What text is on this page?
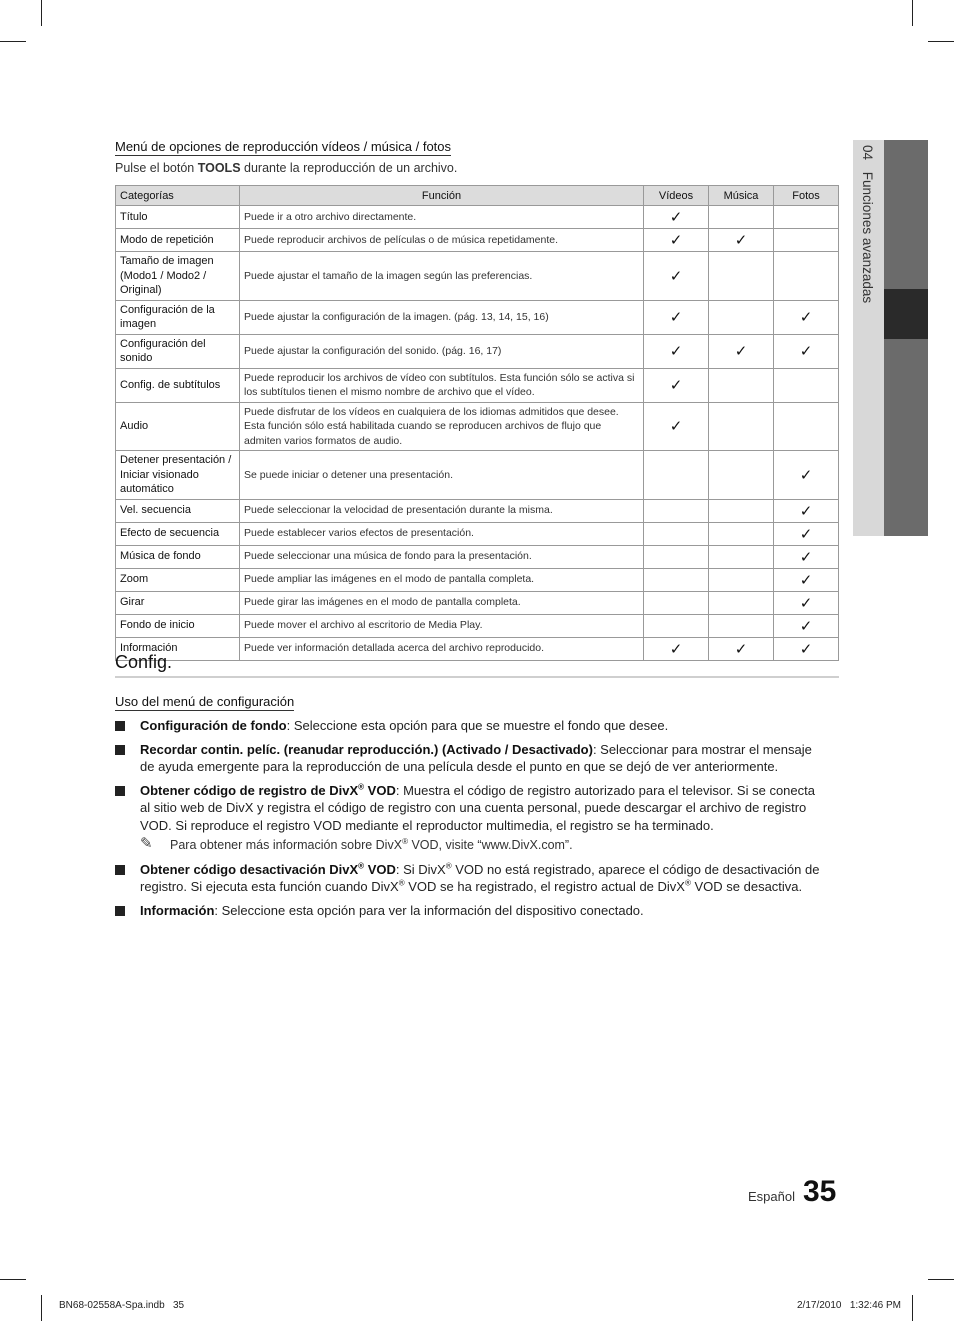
04 Funciones avanzadas
Menú de opciones de reproducción vídeos / música / fotos
Pulse el botón TOOLS durante la reproducción de un archivo.
Categorías	Función	Vídeos	Música	Fotos
Título	Puede ir a otro archivo directamente.	✓		
Modo de repetición	Puede reproducir archivos de películas o de música repetidamente.	✓	✓	
Tamaño de imagen (Modo1 / Modo2 / Original)	Puede ajustar el tamaño de la imagen según las preferencias.	✓		
Configuración de la imagen	Puede ajustar la configuración de la imagen. (pág. 13, 14, 15, 16)	✓		✓
Configuración del sonido	Puede ajustar la configuración del sonido. (pág. 16, 17)	✓	✓	✓
Config. de subtítulos	Puede reproducir los archivos de vídeo con subtítulos. Esta función sólo se activa si los subtítulos tienen el mismo nombre de archivo que el vídeo.	✓		
Audio	Puede disfrutar de los vídeos en cualquiera de los idiomas admitidos que desee. Esta función sólo está habilitada cuando se reproducen archivos de flujo que admiten varios formatos de audio.	✓		
Detener presentación / Iniciar visionado automático	Se puede iniciar o detener una presentación.			✓
Vel. secuencia	Puede seleccionar la velocidad de presentación durante la misma.			✓
Efecto de secuencia	Puede establecer varios efectos de presentación.			✓
Música de fondo	Puede seleccionar una música de fondo para la presentación.			✓
Zoom	Puede ampliar las imágenes en el modo de pantalla completa.			✓
Girar	Puede girar las imágenes en el modo de pantalla completa.			✓
Fondo de inicio	Puede mover el archivo al escritorio de Media Play.			✓
Información	Puede ver información detallada acerca del archivo reproducido.	✓	✓	✓
Config.
Uso del menú de configuración
Configuración de fondo: Seleccione esta opción para que se muestre el fondo que desee.
Recordar contin. pelíc. (reanudar reproducción.) (Activado / Desactivado): Seleccionar para mostrar el mensaje de ayuda emergente para la reproducción de una película desde el punto en que se dejó de ver anteriormente.
Obtener código de registro de DivX® VOD: Muestra el código de registro autorizado para el televisor. Si se conecta al sitio web de DivX y registra el código de registro con una cuenta personal, puede descargar el archivo de registro VOD. Si reproduce el registro VOD mediante el reproductor multimedia, el registro se ha terminado.
✎ Para obtener más información sobre DivX® VOD, visite “www.DivX.com”.
Obtener código desactivación DivX® VOD: Si DivX® VOD no está registrado, aparece el código de desactivación de registro. Si ejecuta esta función cuando DivX® VOD se ha registrado, el registro actual de DivX® VOD se desactiva.
Información: Seleccione esta opción para ver la información del dispositivo conectado.
Español 35
BN68-02558A-Spa.indb   35	2/17/2010   1:32:46 PM
